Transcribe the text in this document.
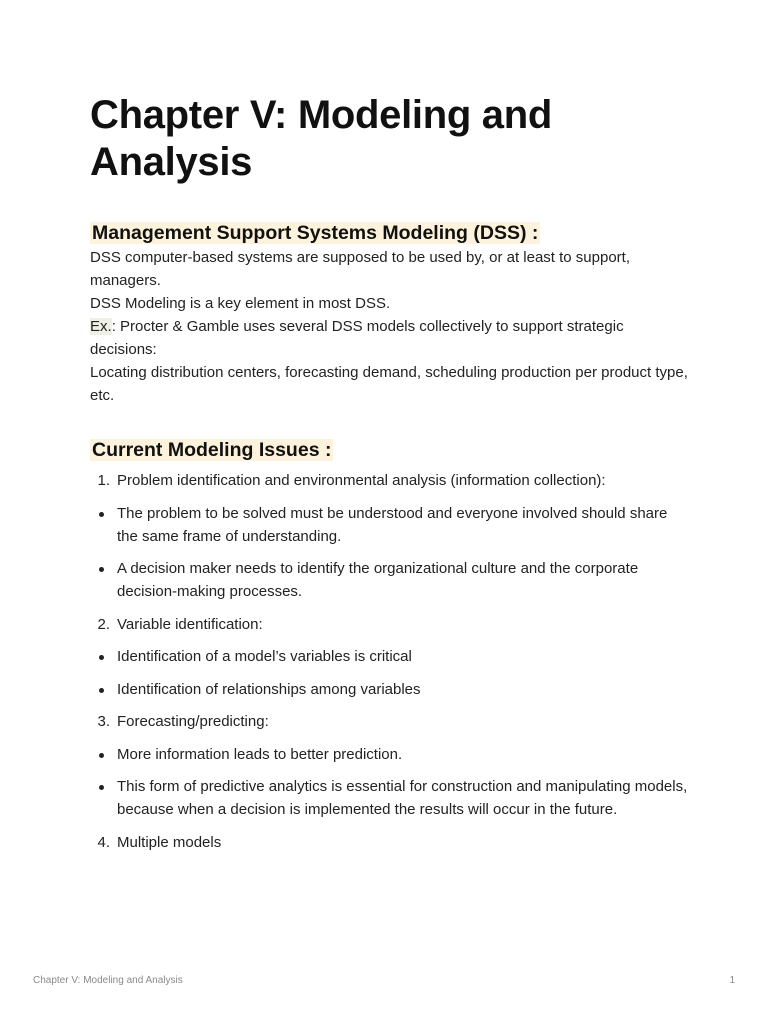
Chapter V: Modeling and Analysis
Management Support Systems Modeling (DSS) :

DSS computer-based systems are supposed to be used by, or at least to support, managers.

DSS Modeling is a key element in most DSS.

Ex.: Procter & Gamble uses several DSS models collectively to support strategic decisions:
Locating distribution centers, forecasting demand, scheduling production per product type, etc.

Current Modeling Issues :
1. Problem identification and environmental analysis (information collection):
The problem to be solved must be understood and everyone involved should share the same frame of understanding.
A decision maker needs to identify the organizational culture and the corporate decision-making processes.
2. Variable identification:
Identification of a model’s variables is critical
Identification of relationships among variables
3. Forecasting/predicting:
More information leads to better prediction.
This form of predictive analytics is essential for construction and manipulating models, because when a decision is implemented the results will occur in the future.
4. Multiple models
Chapter V: Modeling and Analysis	1
